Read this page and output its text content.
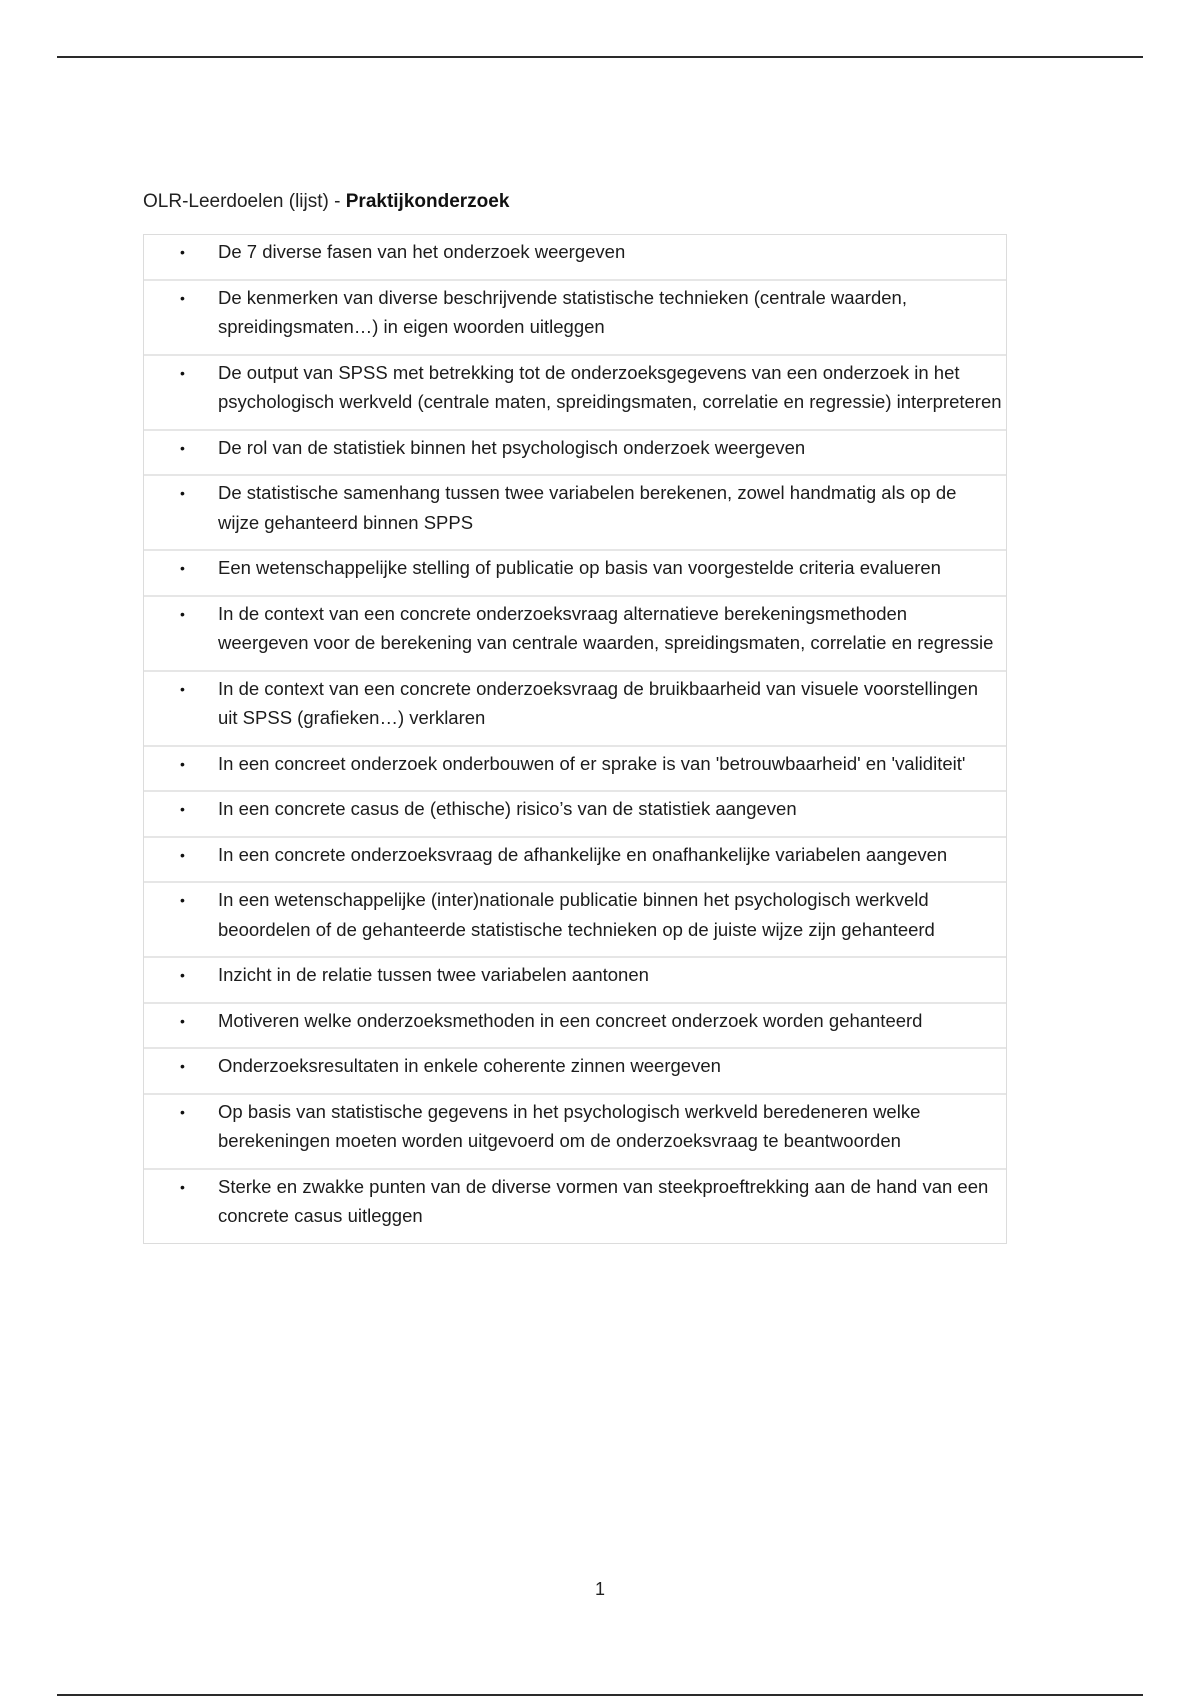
OLR-Leerdoelen (lijst) - Praktijkonderzoek
• De 7 diverse fasen van het onderzoek weergeven
• De kenmerken van diverse beschrijvende statistische technieken (centrale waarden, spreidingsmaten…) in eigen woorden uitleggen
• De output van SPSS met betrekking tot de onderzoeksgegevens van een onderzoek in het psychologisch werkveld (centrale maten, spreidingsmaten, correlatie en regressie) interpreteren
• De rol van de statistiek binnen het psychologisch onderzoek weergeven
• De statistische samenhang tussen twee variabelen berekenen, zowel handmatig als op de wijze gehanteerd binnen SPPS
• Een wetenschappelijke stelling of publicatie op basis van voorgestelde criteria evalueren
• In de context van een concrete onderzoeksvraag alternatieve berekeningsmethoden weergeven voor de berekening van centrale waarden, spreidingsmaten, correlatie en regressie
• In de context van een concrete onderzoeksvraag de bruikbaarheid van visuele voorstellingen uit SPSS (grafieken…) verklaren
• In een concreet onderzoek onderbouwen of er sprake is van 'betrouwbaarheid' en 'validiteit'
• In een concrete casus de (ethische) risico’s van de statistiek aangeven
• In een concrete onderzoeksvraag de afhankelijke en onafhankelijke variabelen aangeven
• In een wetenschappelijke (inter)nationale publicatie binnen het psychologisch werkveld beoordelen of de gehanteerde statistische technieken op de juiste wijze zijn gehanteerd
• Inzicht in de relatie tussen twee variabelen aantonen
• Motiveren welke onderzoeksmethoden in een concreet onderzoek worden gehanteerd
• Onderzoeksresultaten in enkele coherente zinnen weergeven
• Op basis van statistische gegevens in het psychologisch werkveld beredeneren welke berekeningen moeten worden uitgevoerd om de onderzoeksvraag te beantwoorden
• Sterke en zwakke punten van de diverse vormen van steekproeftrekking aan de hand van een concrete casus uitleggen
1
